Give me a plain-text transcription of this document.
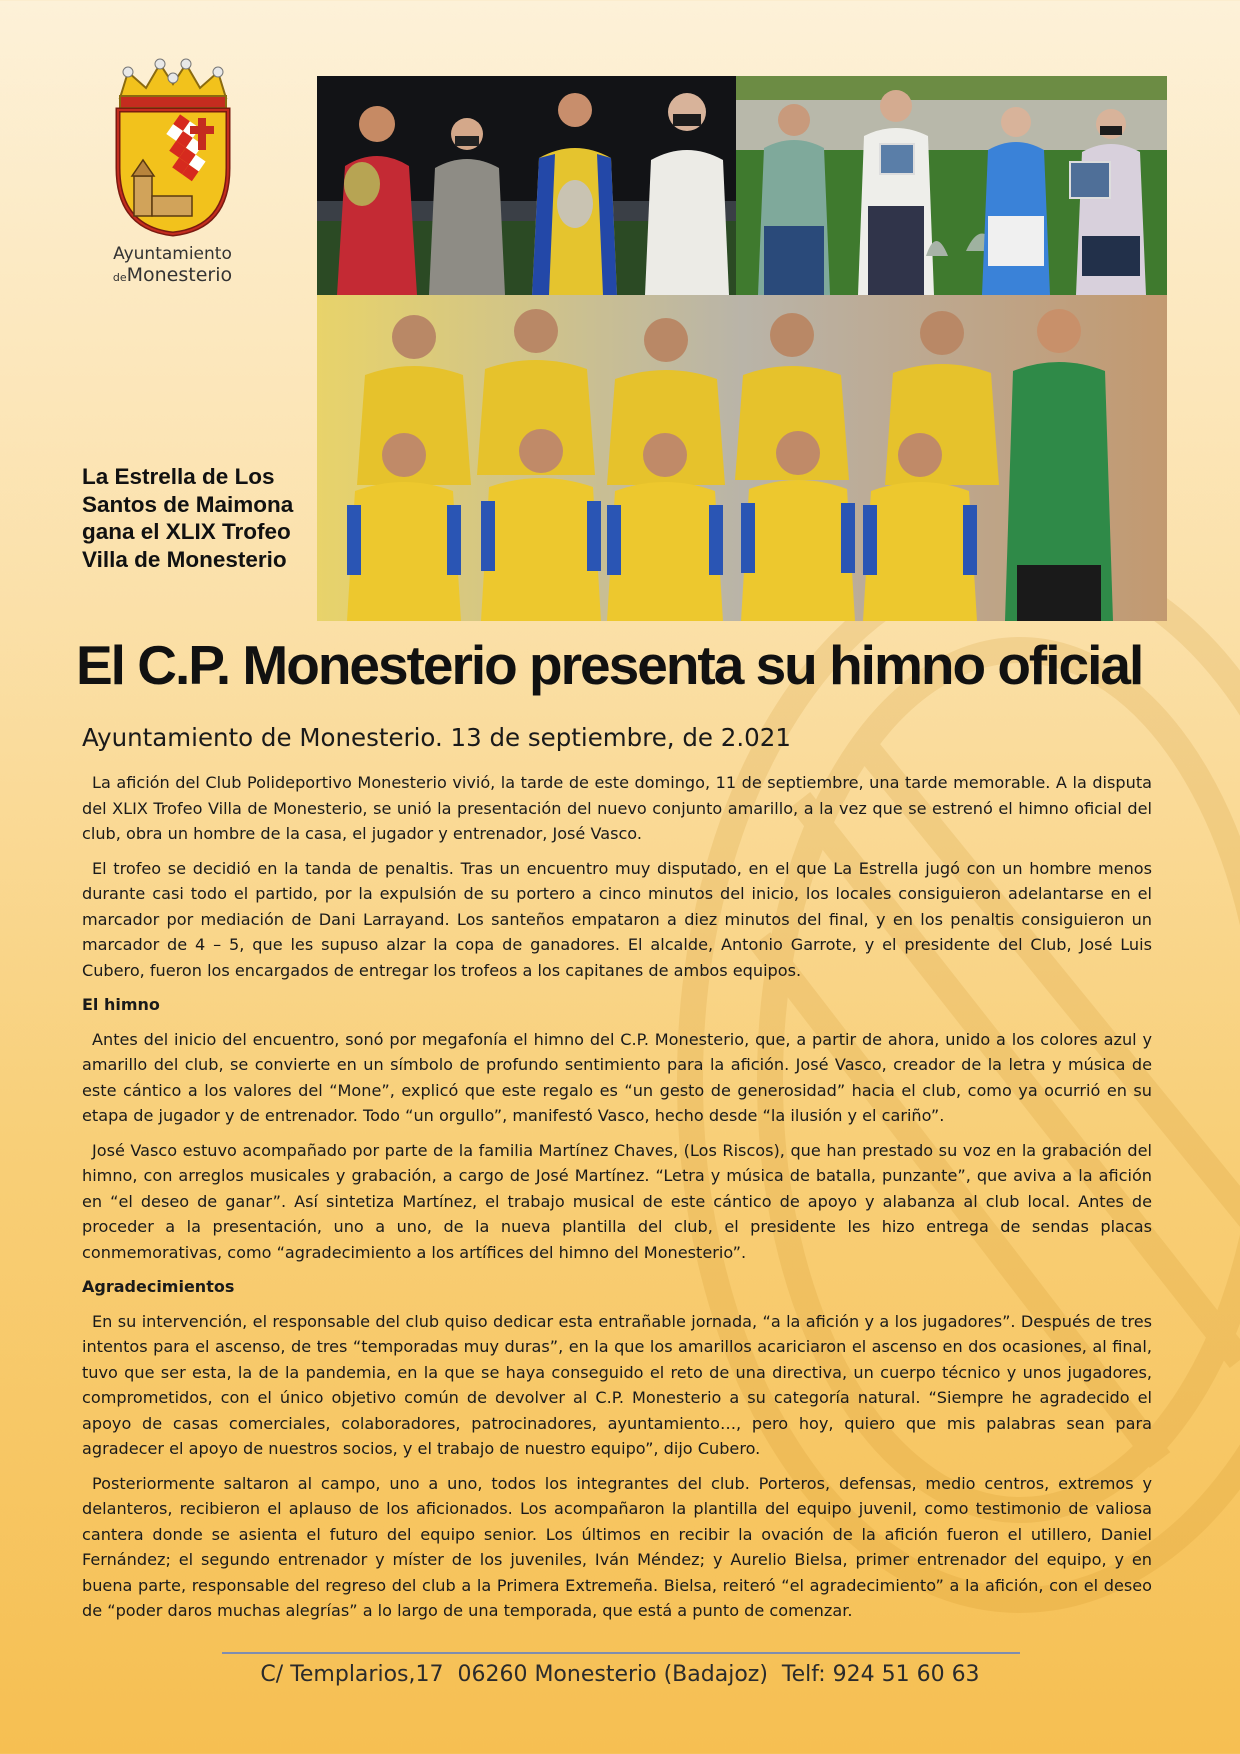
Ayuntamiento
deMonesterio
La Estrella de Los Santos de Maimona gana el XLIX Trofeo Villa de Monesterio
El C.P. Monesterio presenta su himno oficial

Ayuntamiento de Monesterio. 13 de septiembre, de 2.021

La afición del Club Polideportivo Monesterio vivió, la tarde de este domingo, 11 de septiembre, una tarde memorable. A la disputa del XLIX Trofeo Villa de Monesterio, se unió la presentación del nuevo conjunto amarillo, a la vez que se estrenó el himno oficial del club, obra un hombre de la casa, el jugador y entrenador, José Vasco.

El trofeo se decidió en la tanda de penaltis. Tras un encuentro muy disputado, en el que La Estrella jugó con un hombre menos durante casi todo el partido, por la expulsión de su portero a cinco minutos del inicio, los locales consiguieron adelantarse en el marcador por mediación de Dani Larrayand. Los santeños empataron a diez minutos del final, y en los penaltis consiguieron un marcador de 4 – 5, que les supuso alzar la copa de ganadores. El alcalde, Antonio Garrote, y el presidente del Club, José Luis Cubero, fueron los encargados de entregar los trofeos a los capitanes de ambos equipos.

El himno

Antes del inicio del encuentro, sonó por megafonía el himno del C.P. Monesterio, que, a partir de ahora, unido a los colores azul y amarillo del club, se convierte en un símbolo de profundo sentimiento para la afición. José Vasco, creador de la letra y música de este cántico a los valores del “Mone”, explicó que este regalo es “un gesto de generosidad” hacia el club, como ya ocurrió en su etapa de jugador y de entrenador. Todo “un orgullo”, manifestó Vasco, hecho desde “la ilusión y el cariño”.

José Vasco estuvo acompañado por parte de la familia Martínez Chaves, (Los Riscos), que han prestado su voz en la grabación del himno, con arreglos musicales y grabación, a cargo de José Martínez. “Letra y música de batalla, punzante”, que aviva a la afición en “el deseo de ganar”. Así sintetiza Martínez, el trabajo musical de este cántico de apoyo y alabanza al club local. Antes de proceder a la presentación, uno a uno, de la nueva plantilla del club, el presidente les hizo entrega de sendas placas conmemorativas, como “agradecimiento a los artífices del himno del Monesterio”.

Agradecimientos

En su intervención, el responsable del club quiso dedicar esta entrañable jornada, “a la afición y a los jugadores”. Después de tres intentos para el ascenso, de tres “temporadas muy duras”, en la que los amarillos acariciaron el ascenso en dos ocasiones, al final, tuvo que ser esta, la de la pandemia, en la que se haya conseguido el reto de una directiva, un cuerpo técnico y unos jugadores, comprometidos, con el único objetivo común de devolver al C.P. Monesterio a su categoría natural. “Siempre he agradecido el apoyo de casas comerciales, colaboradores, patrocinadores, ayuntamiento…, pero hoy, quiero que mis palabras sean para agradecer el apoyo de nuestros socios, y el trabajo de nuestro equipo”, dijo Cubero.

Posteriormente saltaron al campo, uno a uno, todos los integrantes del club. Porteros, defensas, medio centros, extremos y delanteros, recibieron el aplauso de los aficionados. Los acompañaron la plantilla del equipo juvenil, como testimonio de valiosa cantera donde se asienta el futuro del equipo senior. Los últimos en recibir la ovación de la afición fueron el utillero, Daniel Fernández; el segundo entrenador y míster de los juveniles, Iván Méndez; y Aurelio Bielsa, primer entrenador del equipo, y en buena parte, responsable del regreso del club a la Primera Extremeña. Bielsa, reiteró “el agradecimiento” a la afición, con el deseo de “poder daros muchas alegrías” a lo largo de una temporada, que está a punto de comenzar.

C/ Templarios,17  06260 Monesterio (Badajoz)  Telf: 924 51 60 63
